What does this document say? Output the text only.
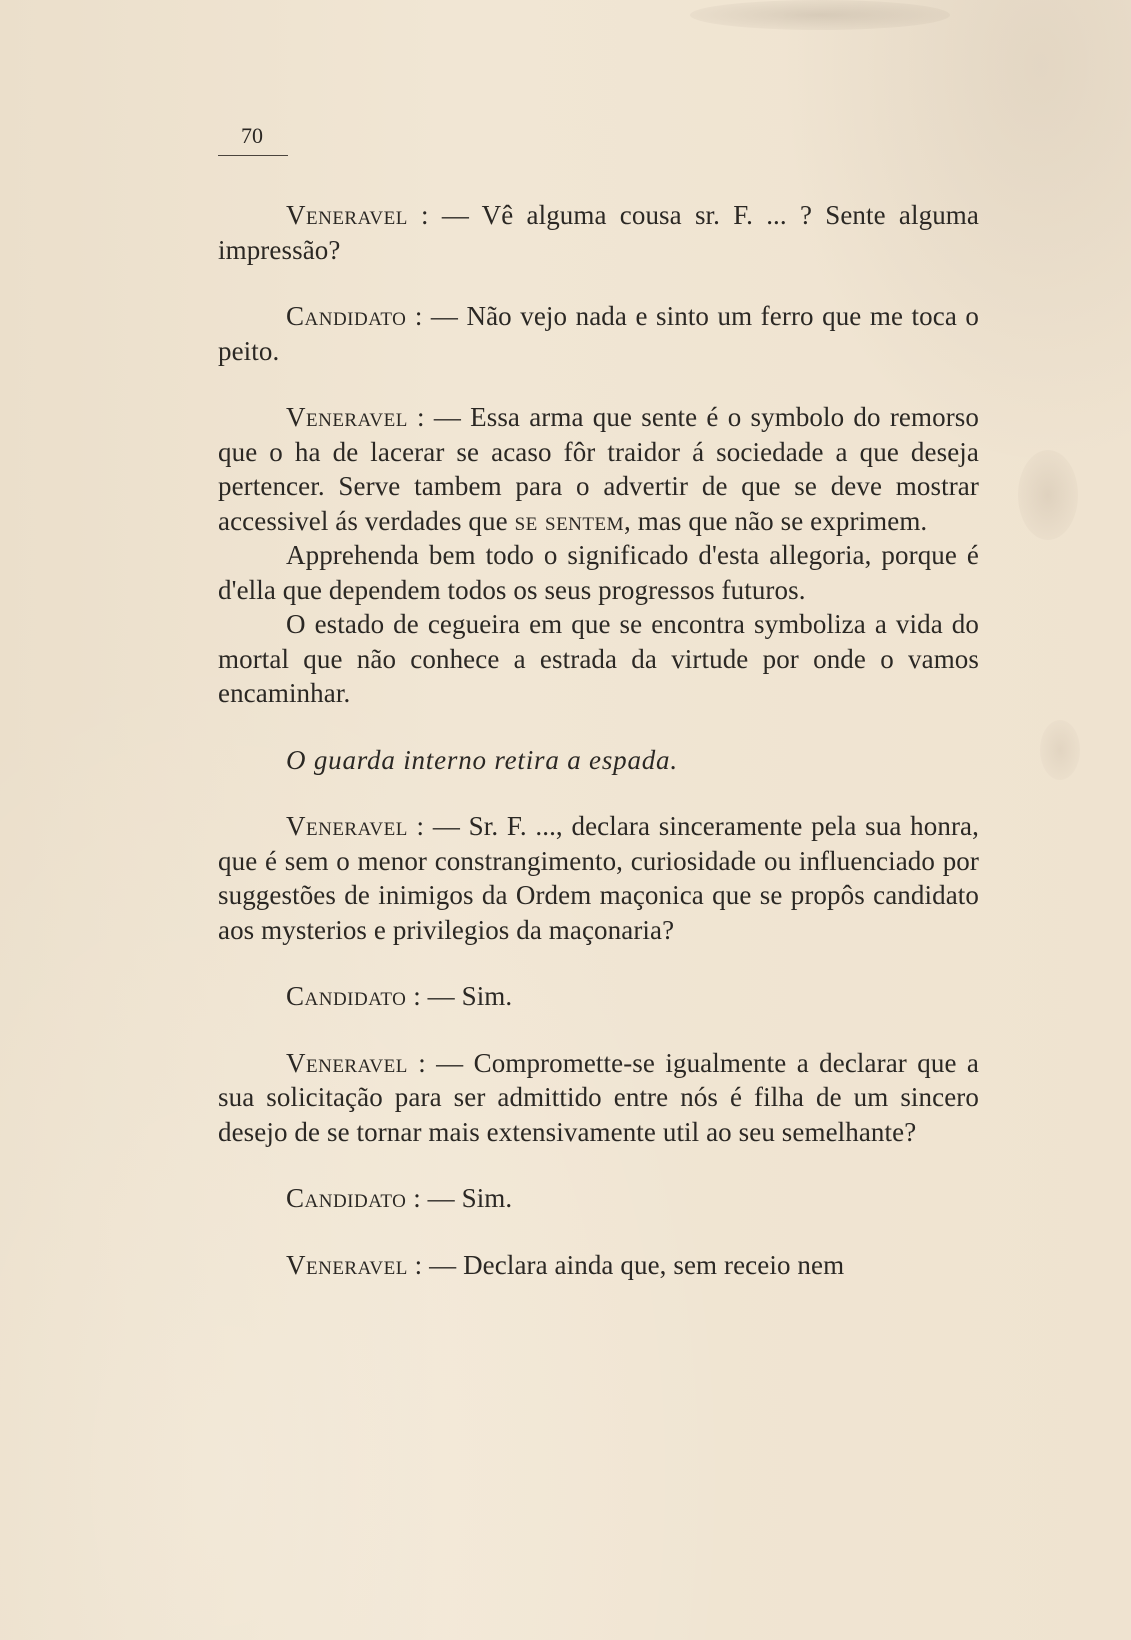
70

Veneravel : — Vê alguma cousa sr. F. ... ? Sente alguma impressão?

Candidato : — Não vejo nada e sinto um ferro que me toca o peito.

Veneravel : — Essa arma que sente é o symbolo do remorso que o ha de lacerar se acaso fôr traidor á sociedade a que deseja pertencer. Serve tambem para o advertir de que se deve mostrar accessivel ás verdades que se sentem, mas que não se exprimem.

Apprehenda bem todo o significado d'esta allegoria, porque é d'ella que dependem todos os seus progressos futuros.

O estado de cegueira em que se encontra symboliza a vida do mortal que não conhece a estrada da virtude por onde o vamos encaminhar.

O guarda interno retira a espada.

Veneravel : — Sr. F. ..., declara sinceramente pela sua honra, que é sem o menor constrangimento, curiosidade ou influenciado por suggestões de inimigos da Ordem maçonica que se propôs candidato aos mysterios e privilegios da maçonaria?

Candidato : — Sim.

Veneravel : — Compromette-se igualmente a declarar que a sua solicitação para ser admittido entre nós é filha de um sincero desejo de se tornar mais extensivamente util ao seu semelhante?

Candidato : — Sim.

Veneravel : — Declara ainda que, sem receio nem
